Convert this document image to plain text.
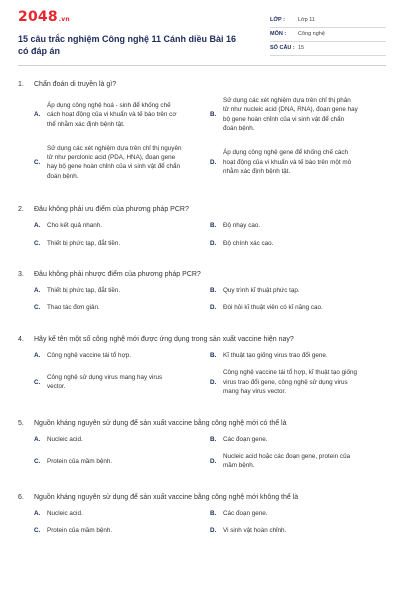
2048.vn
15 câu trắc nghiệm Công nghệ 11 Cánh diều Bài 16 có đáp án
LỚP :	Lớp 11
MÔN :	Công nghệ
SỐ CÂU : 15
1.	Chẩn đoán di truyền là gì?
A.
Áp dụng công nghệ hoá - sinh để khống chế cách hoạt động của vi khuẩn và tế bào trên cơ thể nhằm xác định bệnh tật.
B.
Sử dụng các xét nghiệm dựa trên chỉ thị phân tử như nucleic acid (DNA, RNA), đoạn gene hay bộ gene hoàn chỉnh của vi sinh vật để chẩn đoán bệnh.
C.
Sử dụng các xét nghiệm dựa trên chỉ thị nguyên tử như perclonic acid (PDA, HNA), đoạn gene hay bộ gene hoàn chỉnh của vi sinh vật để chẩn đoán bệnh.
D.
Áp dụng công nghệ gene để khống chế cách hoạt động của vi khuẩn và tế bào trên một mô nhằm xác định bệnh tật.
2.	Đâu không phải ưu điểm của phương pháp PCR?
A.	Cho kết quả nhanh.	B.	Độ nhạy cao.
C.	Thiết bị phức tạp, đắt tiền.	D.	Độ chính xác cao.
3.	Đâu không phải nhược điểm của phương pháp PCR?
A.	Thiết bị phức tạp, đắt tiền.	B.	Quy trình kĩ thuật phức tạp.
C.	Thao tác đơn giản.	D.	Đòi hỏi kĩ thuật viên có kĩ năng cao.
4.	Hãy kể tên một số công nghệ mới được ứng dụng trong sản xuất vaccine hiện nay?
A.	Công nghệ vaccine tái tổ hợp.	B.	Kĩ thuật tạo giống virus trao đổi gene.
C.
Công nghệ sử dụng virus mang hay virus vector.
D.
Công nghệ vaccine tái tổ hợp, kĩ thuật tạo giống virus trao đổi gene, công nghệ sử dụng virus mang hay virus vector.
5.	Nguồn kháng nguyên sử dụng để sản xuất vaccine bằng công nghệ mới có thể là
A.	Nucleic acid.	B.	Các đoạn gene.
C.	Protein của mầm bệnh.	D.
Nucleic acid hoặc các đoạn gene, protein của mầm bệnh.
6.	Nguồn kháng nguyên sử dụng để sản xuất vaccine bằng công nghệ mới không thể là
A.	Nucleic acid.	B.	Các đoạn gene.
C.	Protein của mầm bệnh.	D.	Vi sinh vật hoàn chỉnh.
